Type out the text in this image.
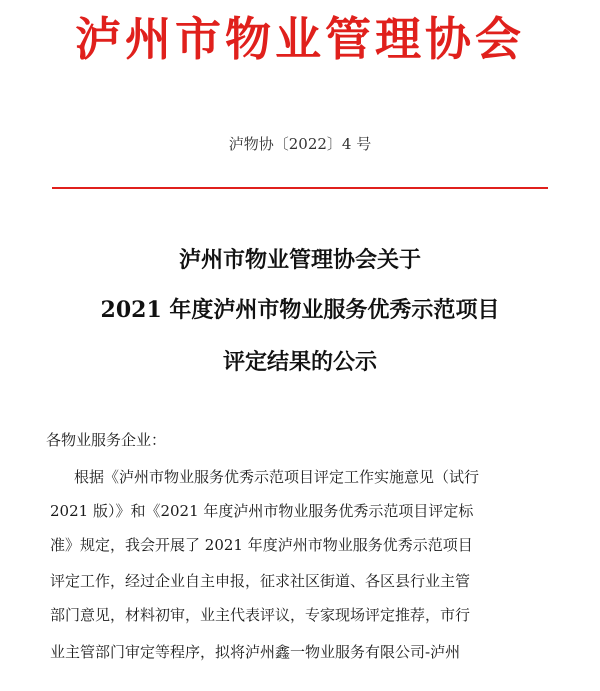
泸州市物业管理协会
泸物协〔2022〕4 号
泸州市物业管理协会关于
2021 年度泸州市物业服务优秀示范项目
评定结果的公示
各物业服务企业：
根据《泸州市物业服务优秀示范项目评定工作实施意见（试行
2021 版）》和《2021 年度泸州市物业服务优秀示范项目评定标
准》规定，我会开展了 2021 年度泸州市物业服务优秀示范项目
评定工作，经过企业自主申报，征求社区街道、各区县行业主管
部门意见，材料初审，业主代表评议，专家现场评定推荐，市行
业主管部门审定等程序，拟将泸州鑫一物业服务有限公司-泸州
